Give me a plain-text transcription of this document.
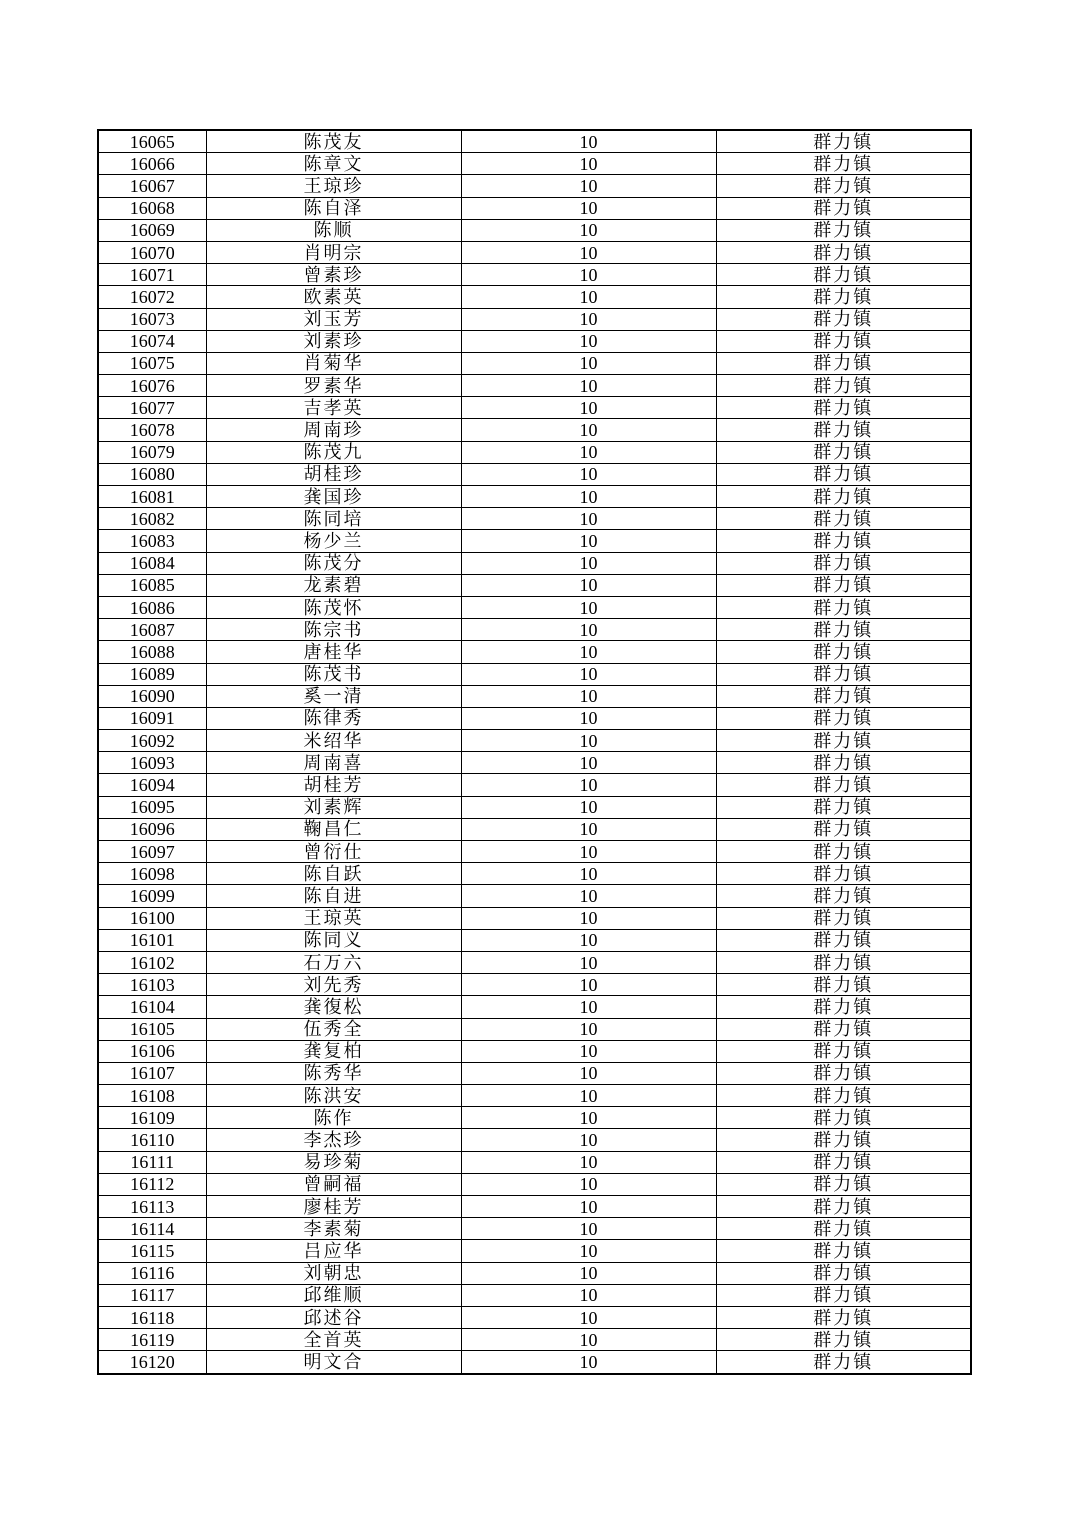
16065	陈茂友	10	群力镇
16066	陈章文	10	群力镇
16067	王琼珍	10	群力镇
16068	陈自泽	10	群力镇
16069	陈顺	10	群力镇
16070	肖明宗	10	群力镇
16071	曾素珍	10	群力镇
16072	欧素英	10	群力镇
16073	刘玉芳	10	群力镇
16074	刘素珍	10	群力镇
16075	肖菊华	10	群力镇
16076	罗素华	10	群力镇
16077	吉孝英	10	群力镇
16078	周南珍	10	群力镇
16079	陈茂九	10	群力镇
16080	胡桂珍	10	群力镇
16081	龚国珍	10	群力镇
16082	陈同培	10	群力镇
16083	杨少兰	10	群力镇
16084	陈茂分	10	群力镇
16085	龙素碧	10	群力镇
16086	陈茂怀	10	群力镇
16087	陈宗书	10	群力镇
16088	唐桂华	10	群力镇
16089	陈茂书	10	群力镇
16090	奚一清	10	群力镇
16091	陈律秀	10	群力镇
16092	米绍华	10	群力镇
16093	周南喜	10	群力镇
16094	胡桂芳	10	群力镇
16095	刘素辉	10	群力镇
16096	鞠昌仁	10	群力镇
16097	曾衍仕	10	群力镇
16098	陈自跃	10	群力镇
16099	陈自进	10	群力镇
16100	王琼英	10	群力镇
16101	陈同义	10	群力镇
16102	石万六	10	群力镇
16103	刘先秀	10	群力镇
16104	龚復松	10	群力镇
16105	伍秀全	10	群力镇
16106	龚复柏	10	群力镇
16107	陈秀华	10	群力镇
16108	陈洪安	10	群力镇
16109	陈作	10	群力镇
16110	李杰珍	10	群力镇
16111	易珍菊	10	群力镇
16112	曾嗣福	10	群力镇
16113	廖桂芳	10	群力镇
16114	李素菊	10	群力镇
16115	吕应华	10	群力镇
16116	刘朝忠	10	群力镇
16117	邱维顺	10	群力镇
16118	邱述谷	10	群力镇
16119	全首英	10	群力镇
16120	明文合	10	群力镇
